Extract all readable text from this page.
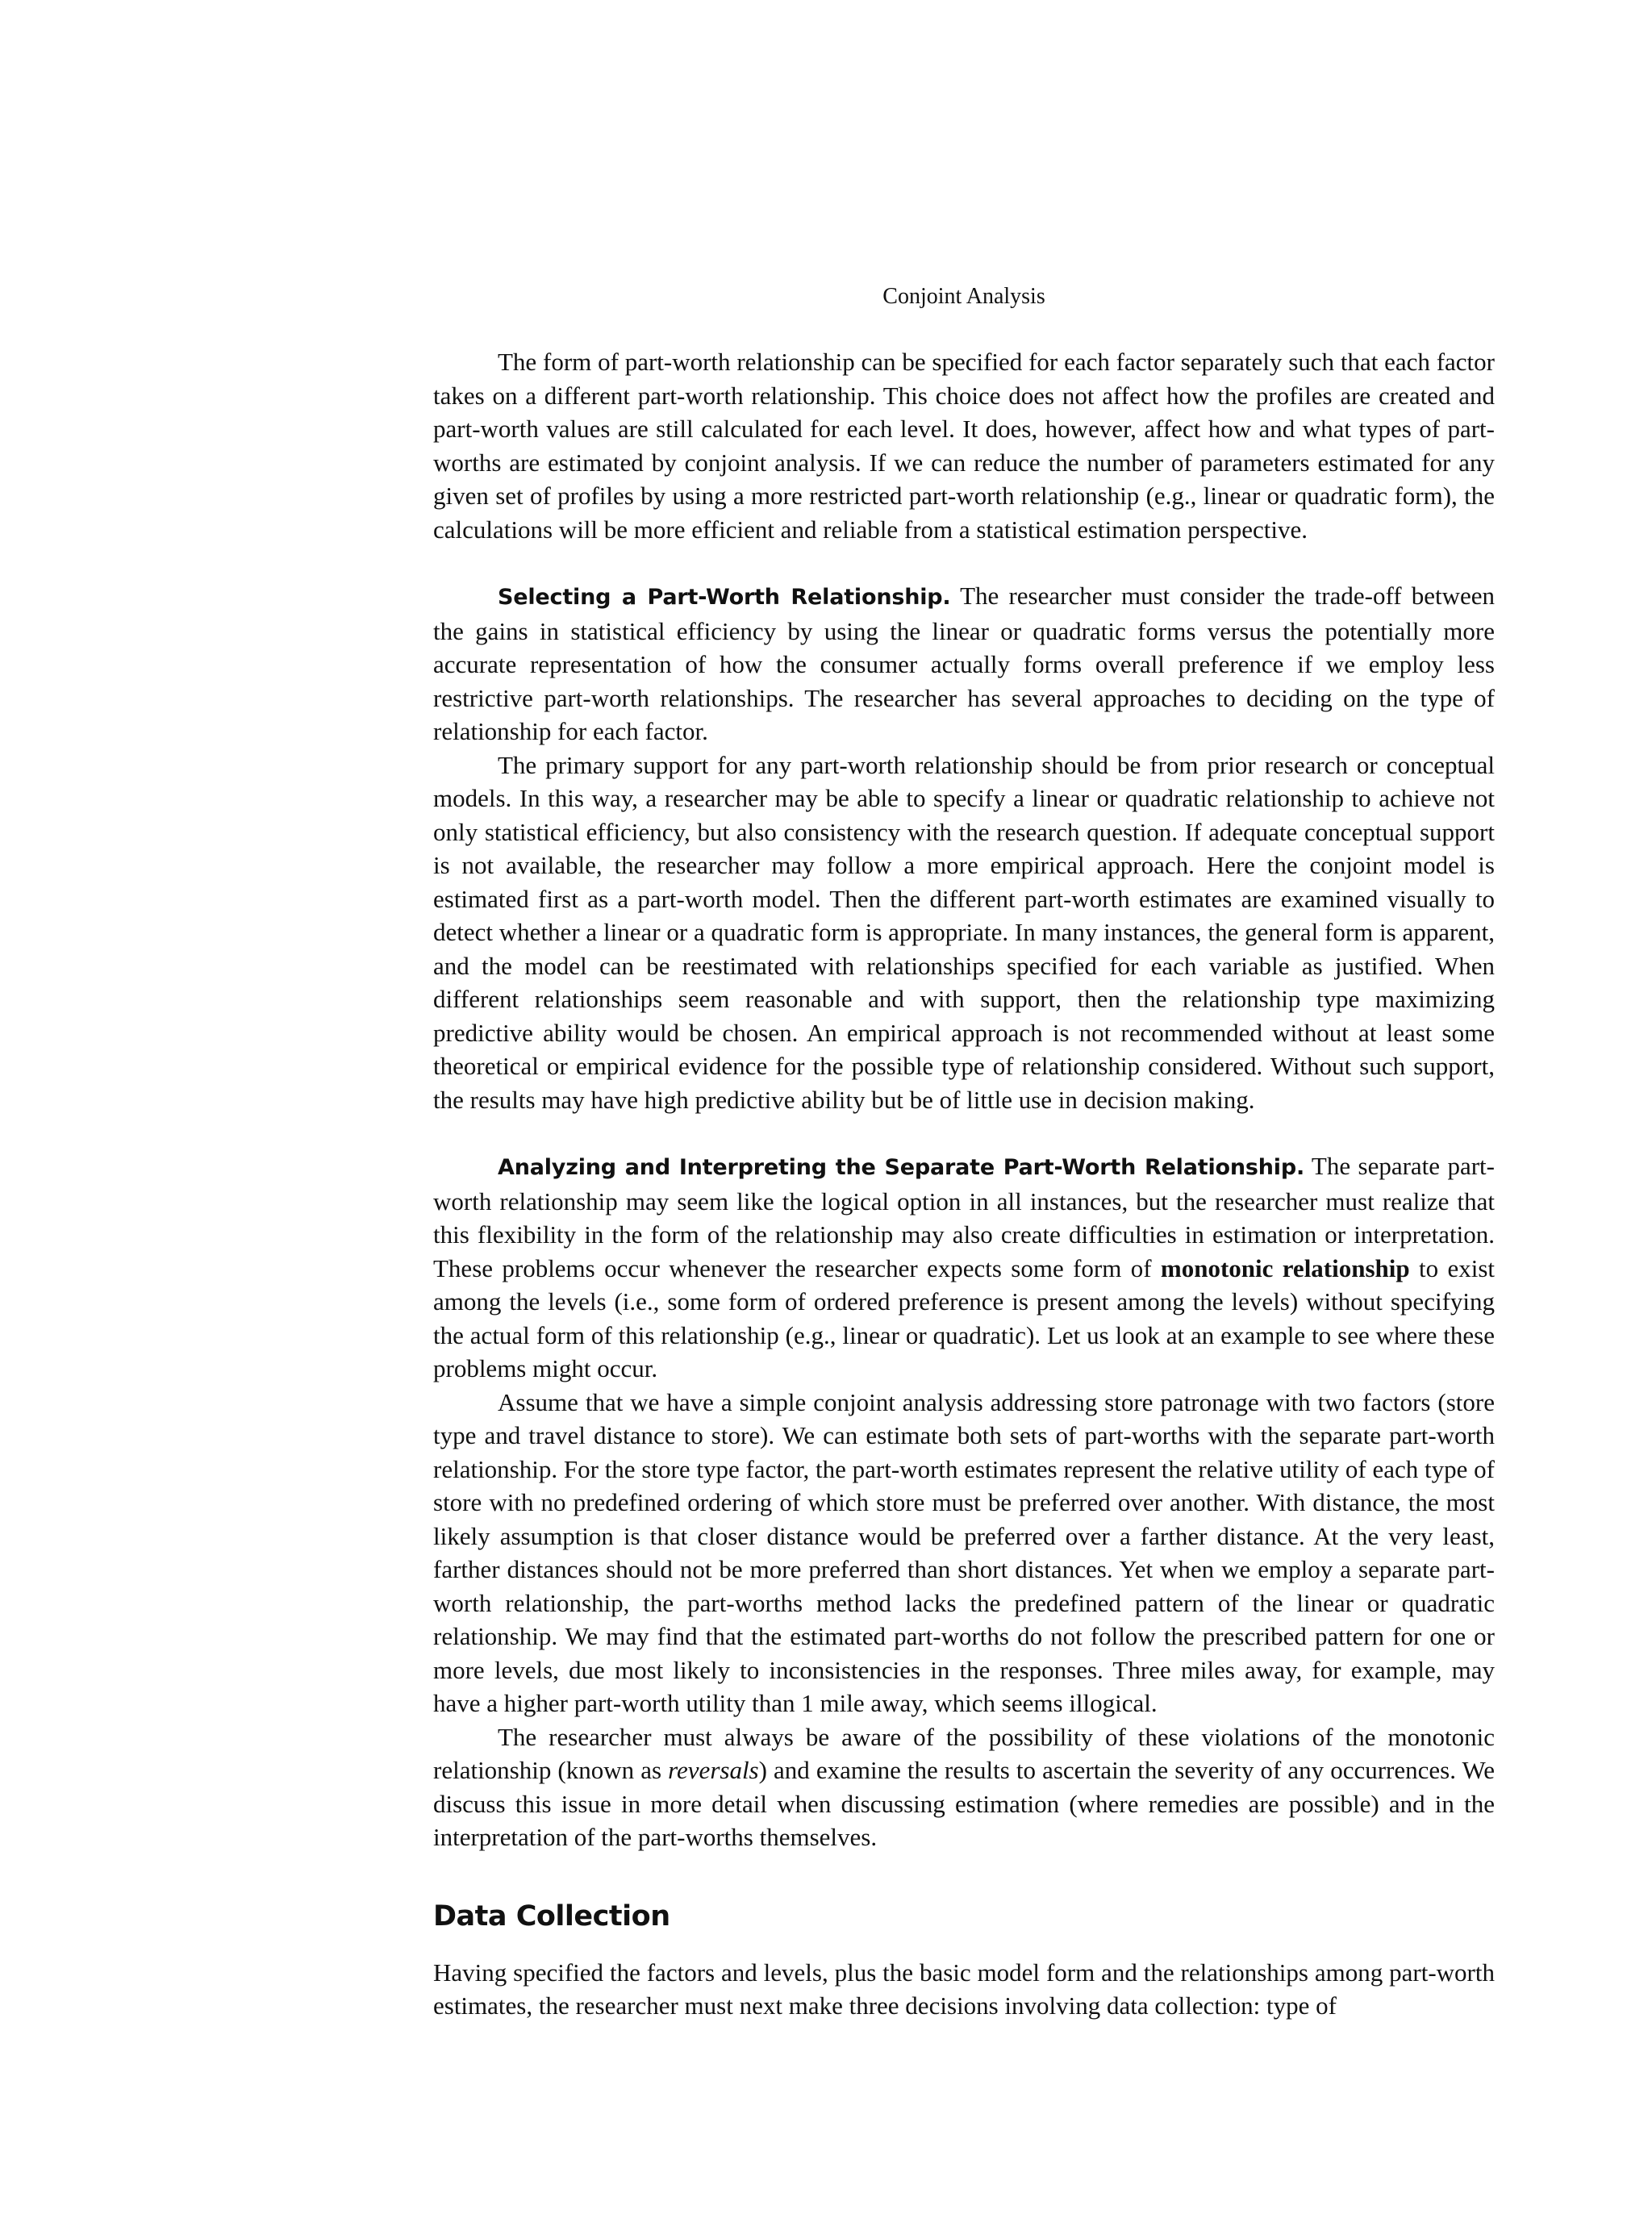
Conjoint Analysis

The form of part-worth relationship can be specified for each factor separately such that each factor takes on a different part-worth relationship. This choice does not affect how the profiles are created and part-worth values are still calculated for each level. It does, however, affect how and what types of part-worths are estimated by conjoint analysis. If we can reduce the number of parameters estimated for any given set of profiles by using a more restricted part-worth relationship (e.g., linear or quadratic form), the calculations will be more efficient and reliable from a statistical estimation perspective.

Selecting a Part-Worth Relationship. The researcher must consider the trade-off between the gains in statistical efficiency by using the linear or quadratic forms versus the potentially more accurate representation of how the consumer actually forms overall preference if we employ less restrictive part-worth relationships. The researcher has several approaches to deciding on the type of relationship for each factor.

The primary support for any part-worth relationship should be from prior research or conceptual models. In this way, a researcher may be able to specify a linear or quadratic relationship to achieve not only statistical efficiency, but also consistency with the research question. If adequate conceptual support is not available, the researcher may follow a more empirical approach. Here the conjoint model is estimated first as a part-worth model. Then the different part-worth estimates are examined visually to detect whether a linear or a quadratic form is appropriate. In many instances, the general form is apparent, and the model can be reestimated with relationships specified for each variable as justified. When different relationships seem reasonable and with support, then the relationship type maximizing predictive ability would be chosen. An empirical approach is not recommended without at least some theoretical or empirical evidence for the possible type of relationship considered. Without such support, the results may have high predictive ability but be of little use in decision making.

Analyzing and Interpreting the Separate Part-Worth Relationship. The separate part-worth relationship may seem like the logical option in all instances, but the researcher must realize that this flexibility in the form of the relationship may also create difficulties in estimation or interpretation. These problems occur whenever the researcher expects some form of monotonic relationship to exist among the levels (i.e., some form of ordered preference is present among the levels) without specifying the actual form of this relationship (e.g., linear or quadratic). Let us look at an example to see where these problems might occur.

Assume that we have a simple conjoint analysis addressing store patronage with two factors (store type and travel distance to store). We can estimate both sets of part-worths with the separate part-worth relationship. For the store type factor, the part-worth estimates represent the relative utility of each type of store with no predefined ordering of which store must be preferred over another. With distance, the most likely assumption is that closer distance would be preferred over a farther distance. At the very least, farther distances should not be more preferred than short distances. Yet when we employ a separate part-worth relationship, the part-worths method lacks the predefined pattern of the linear or quadratic relationship. We may find that the estimated part-worths do not follow the prescribed pattern for one or more levels, due most likely to inconsistencies in the responses. Three miles away, for example, may have a higher part-worth utility than 1 mile away, which seems illogical.

The researcher must always be aware of the possibility of these violations of the monotonic relationship (known as reversals) and examine the results to ascertain the severity of any occurrences. We discuss this issue in more detail when discussing estimation (where remedies are possible) and in the interpretation of the part-worths themselves.

Data Collection

Having specified the factors and levels, plus the basic model form and the relationships among part-worth estimates, the researcher must next make three decisions involving data collection: type of
